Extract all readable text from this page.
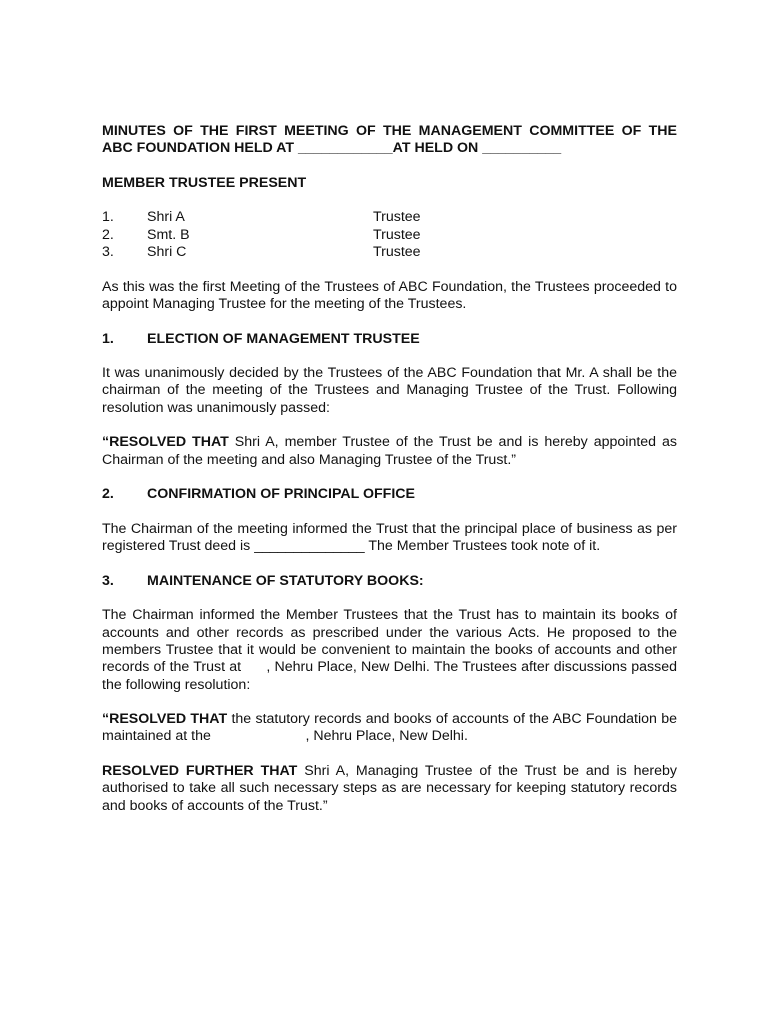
MINUTES OF THE FIRST MEETING OF THE MANAGEMENT COMMITTEE OF THE
ABC FOUNDATION HELD AT ____________AT HELD ON __________
MEMBER TRUSTEE PRESENT
1.	Shri A	Trustee
2.	Smt. B	Trustee
3.	Shri C	Trustee

As this was the first Meeting of the Trustees of ABC Foundation, the Trustees proceeded to appoint Managing Trustee for the meeting of the Trustees.

1.	ELECTION OF MANAGEMENT TRUSTEE

It was unanimously decided by the Trustees of the ABC Foundation that Mr. A shall be the chairman of the meeting of the Trustees and Managing Trustee of the Trust. Following resolution was unanimously passed:

“RESOLVED THAT Shri A, member Trustee of the Trust be and is hereby appointed as Chairman of the meeting and also Managing Trustee of the Trust.”

2.	CONFIRMATION OF PRINCIPAL OFFICE

The Chairman of the meeting informed the Trust that the principal place of business as per registered Trust deed is ______________ The Member Trustees took note of it.

3.	MAINTENANCE OF STATUTORY BOOKS:

The Chairman informed the Member Trustees that the Trust has to maintain its books of accounts and other records as prescribed under the various Acts. He proposed to the members Trustee that it would be convenient to maintain the books of accounts and other records of the Trust at      , Nehru Place, New Delhi. The Trustees after discussions passed the following resolution:

“RESOLVED THAT the statutory records and books of accounts of the ABC Foundation be maintained at the                        , Nehru Place, New Delhi.

RESOLVED FURTHER THAT Shri A, Managing Trustee of the Trust be and is hereby authorised to take all such necessary steps as are necessary for keeping statutory records and books of accounts of the Trust.”
